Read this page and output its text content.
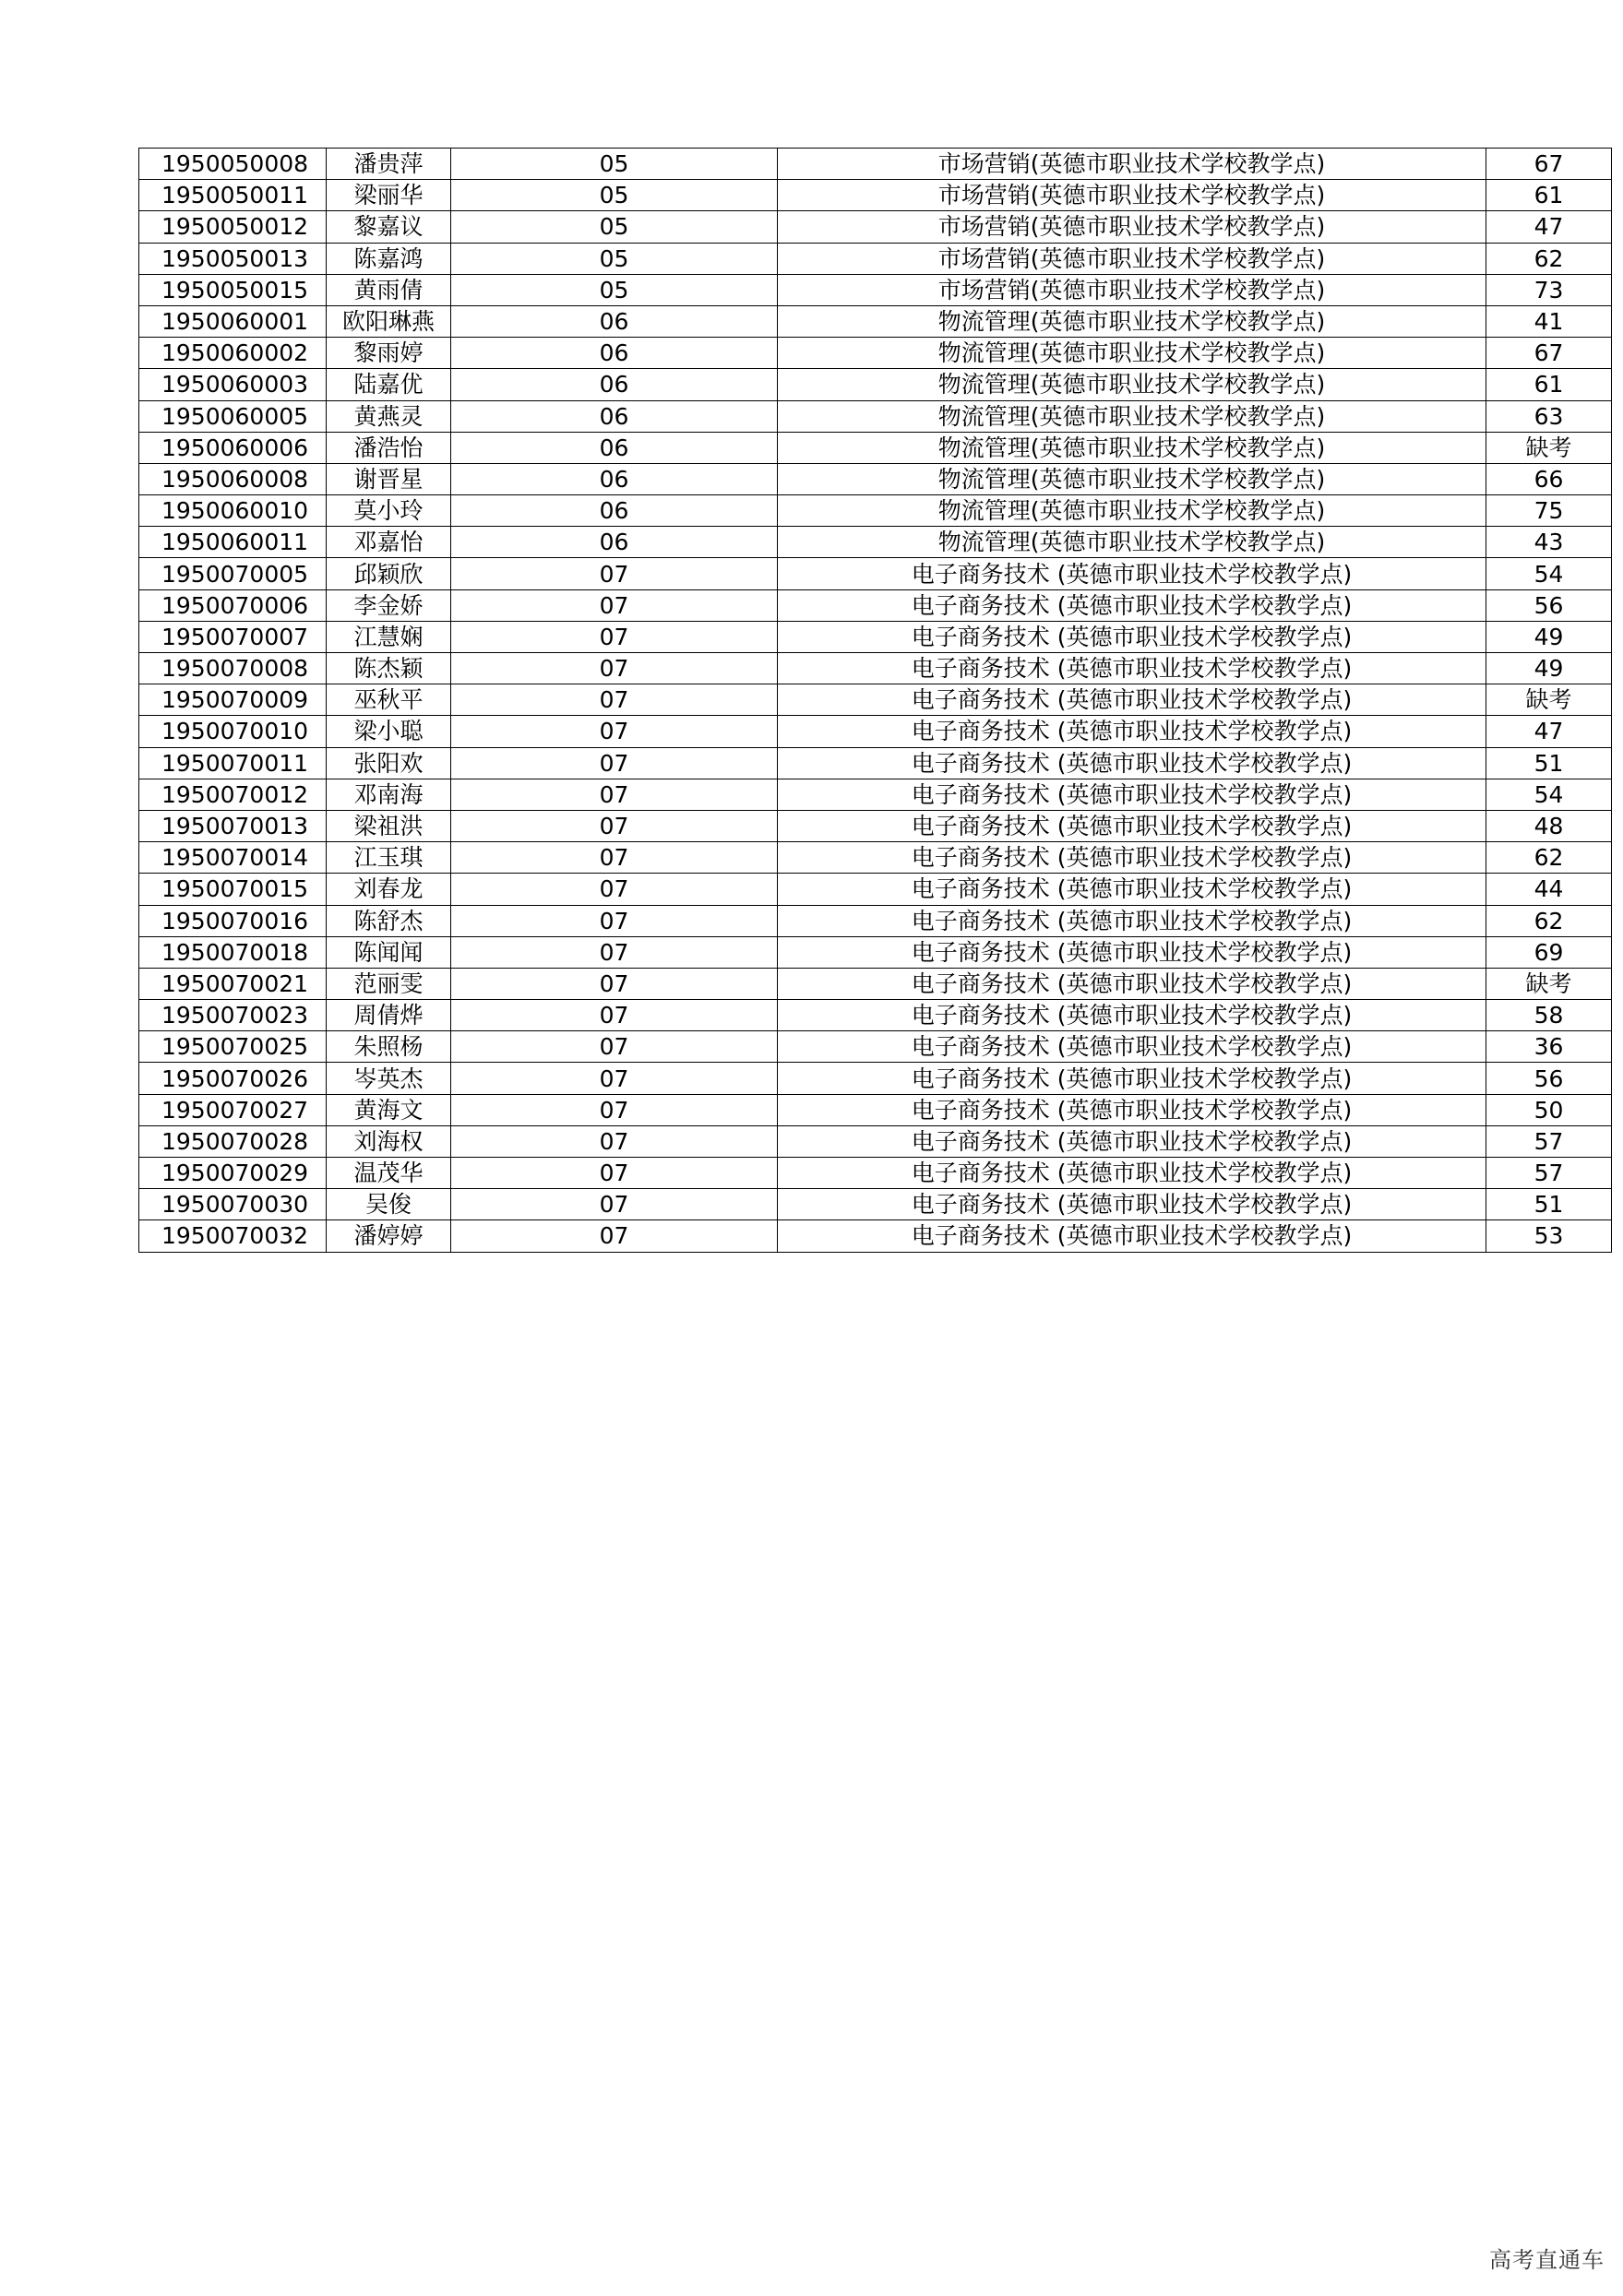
1950050008	潘贵萍	05	市场营销(英德市职业技术学校教学点)	67
1950050011	梁丽华	05	市场营销(英德市职业技术学校教学点)	61
1950050012	黎嘉议	05	市场营销(英德市职业技术学校教学点)	47
1950050013	陈嘉鸿	05	市场营销(英德市职业技术学校教学点)	62
1950050015	黄雨倩	05	市场营销(英德市职业技术学校教学点)	73
1950060001	欧阳琳燕	06	物流管理(英德市职业技术学校教学点)	41
1950060002	黎雨婷	06	物流管理(英德市职业技术学校教学点)	67
1950060003	陆嘉优	06	物流管理(英德市职业技术学校教学点)	61
1950060005	黄燕灵	06	物流管理(英德市职业技术学校教学点)	63
1950060006	潘浩怡	06	物流管理(英德市职业技术学校教学点)	缺考
1950060008	谢晋星	06	物流管理(英德市职业技术学校教学点)	66
1950060010	莫小玲	06	物流管理(英德市职业技术学校教学点)	75
1950060011	邓嘉怡	06	物流管理(英德市职业技术学校教学点)	43
1950070005	邱颖欣	07	电子商务技术 (英德市职业技术学校教学点)	54
1950070006	李金娇	07	电子商务技术 (英德市职业技术学校教学点)	56
1950070007	江慧娴	07	电子商务技术 (英德市职业技术学校教学点)	49
1950070008	陈杰颖	07	电子商务技术 (英德市职业技术学校教学点)	49
1950070009	巫秋平	07	电子商务技术 (英德市职业技术学校教学点)	缺考
1950070010	梁小聪	07	电子商务技术 (英德市职业技术学校教学点)	47
1950070011	张阳欢	07	电子商务技术 (英德市职业技术学校教学点)	51
1950070012	邓南海	07	电子商务技术 (英德市职业技术学校教学点)	54
1950070013	梁祖洪	07	电子商务技术 (英德市职业技术学校教学点)	48
1950070014	江玉琪	07	电子商务技术 (英德市职业技术学校教学点)	62
1950070015	刘春龙	07	电子商务技术 (英德市职业技术学校教学点)	44
1950070016	陈舒杰	07	电子商务技术 (英德市职业技术学校教学点)	62
1950070018	陈闻闻	07	电子商务技术 (英德市职业技术学校教学点)	69
1950070021	范丽雯	07	电子商务技术 (英德市职业技术学校教学点)	缺考
1950070023	周倩烨	07	电子商务技术 (英德市职业技术学校教学点)	58
1950070025	朱照杨	07	电子商务技术 (英德市职业技术学校教学点)	36
1950070026	岑英杰	07	电子商务技术 (英德市职业技术学校教学点)	56
1950070027	黄海文	07	电子商务技术 (英德市职业技术学校教学点)	50
1950070028	刘海权	07	电子商务技术 (英德市职业技术学校教学点)	57
1950070029	温茂华	07	电子商务技术 (英德市职业技术学校教学点)	57
1950070030	吴俊	07	电子商务技术 (英德市职业技术学校教学点)	51
1950070032	潘婷婷	07	电子商务技术 (英德市职业技术学校教学点)	53
高考直通车
